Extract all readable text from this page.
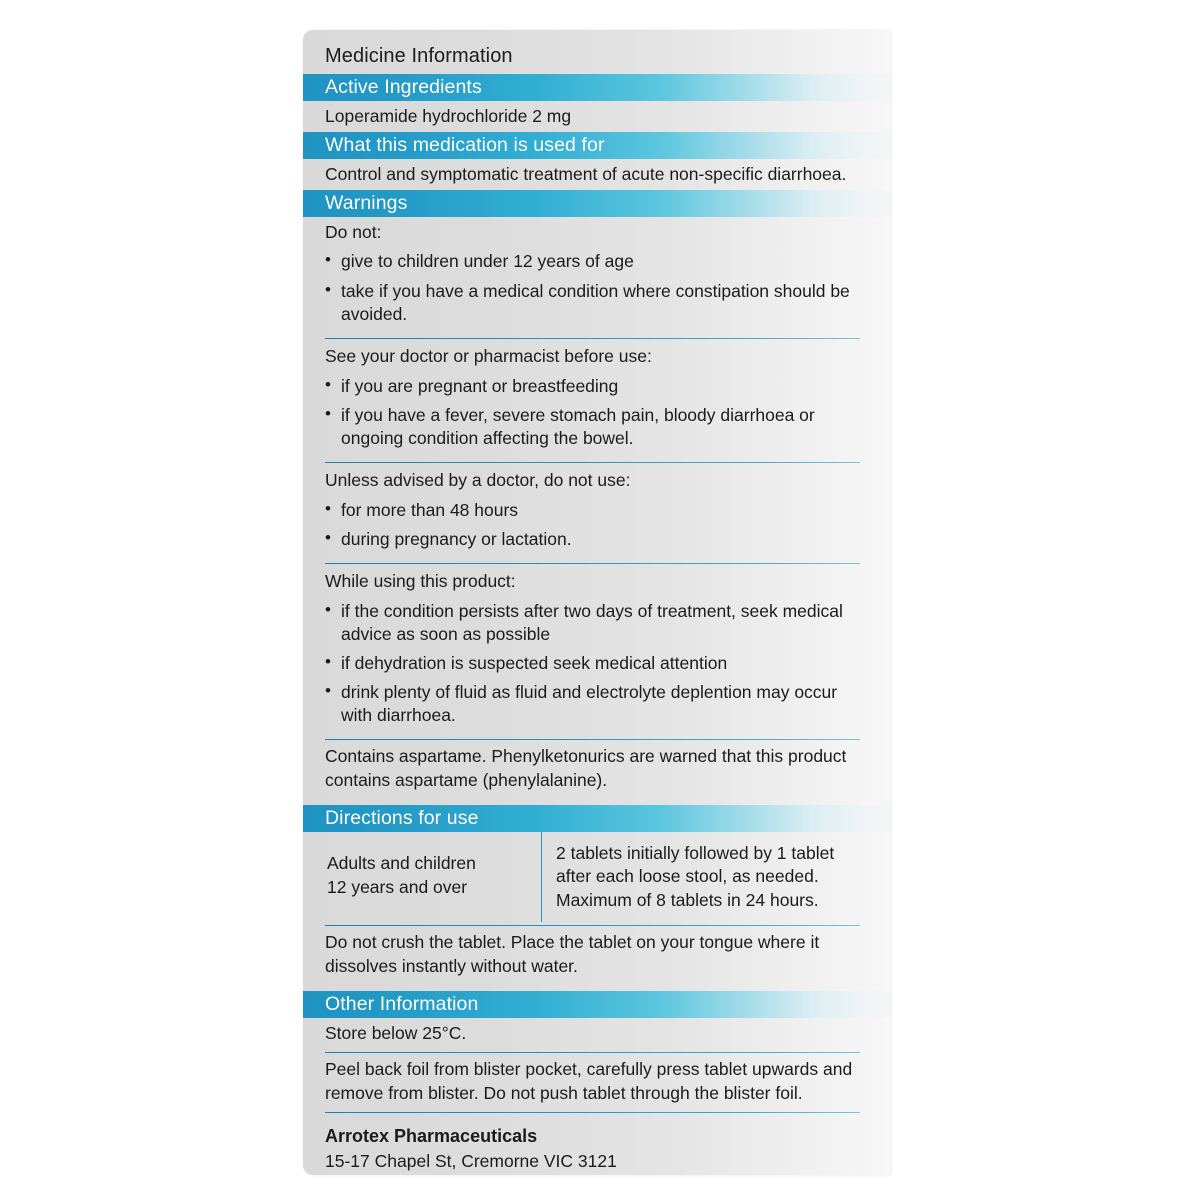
Medicine Information
Active Ingredients
Loperamide hydrochloride 2 mg
What this medication is used for
Control and symptomatic treatment of acute non-specific diarrhoea.
Warnings
Do not:
• give to children under 12 years of age
• take if you have a medical condition where constipation should be avoided.
See your doctor or pharmacist before use:
• if you are pregnant or breastfeeding
• if you have a fever, severe stomach pain, bloody diarrhoea or ongoing condition affecting the bowel.
Unless advised by a doctor, do not use:
• for more than 48 hours
• during pregnancy or lactation.
While using this product:
• if the condition persists after two days of treatment, seek medical advice as soon as possible
• if dehydration is suspected seek medical attention
• drink plenty of fluid as fluid and electrolyte deplention may occur with diarrhoea.
Contains aspartame. Phenylketonurics are warned that this product contains aspartame (phenylalanine).
Directions for use
Adults and children
12 years and over
2 tablets initially followed by 1 tablet after each loose stool, as needed. Maximum of 8 tablets in 24 hours.
Do not crush the tablet. Place the tablet on your tongue where it dissolves instantly without water.
Other Information
Store below 25°C.
Peel back foil from blister pocket, carefully press tablet upwards and remove from blister. Do not push tablet through the blister foil.
Arrotex Pharmaceuticals
15-17 Chapel St, Cremorne VIC 3121
